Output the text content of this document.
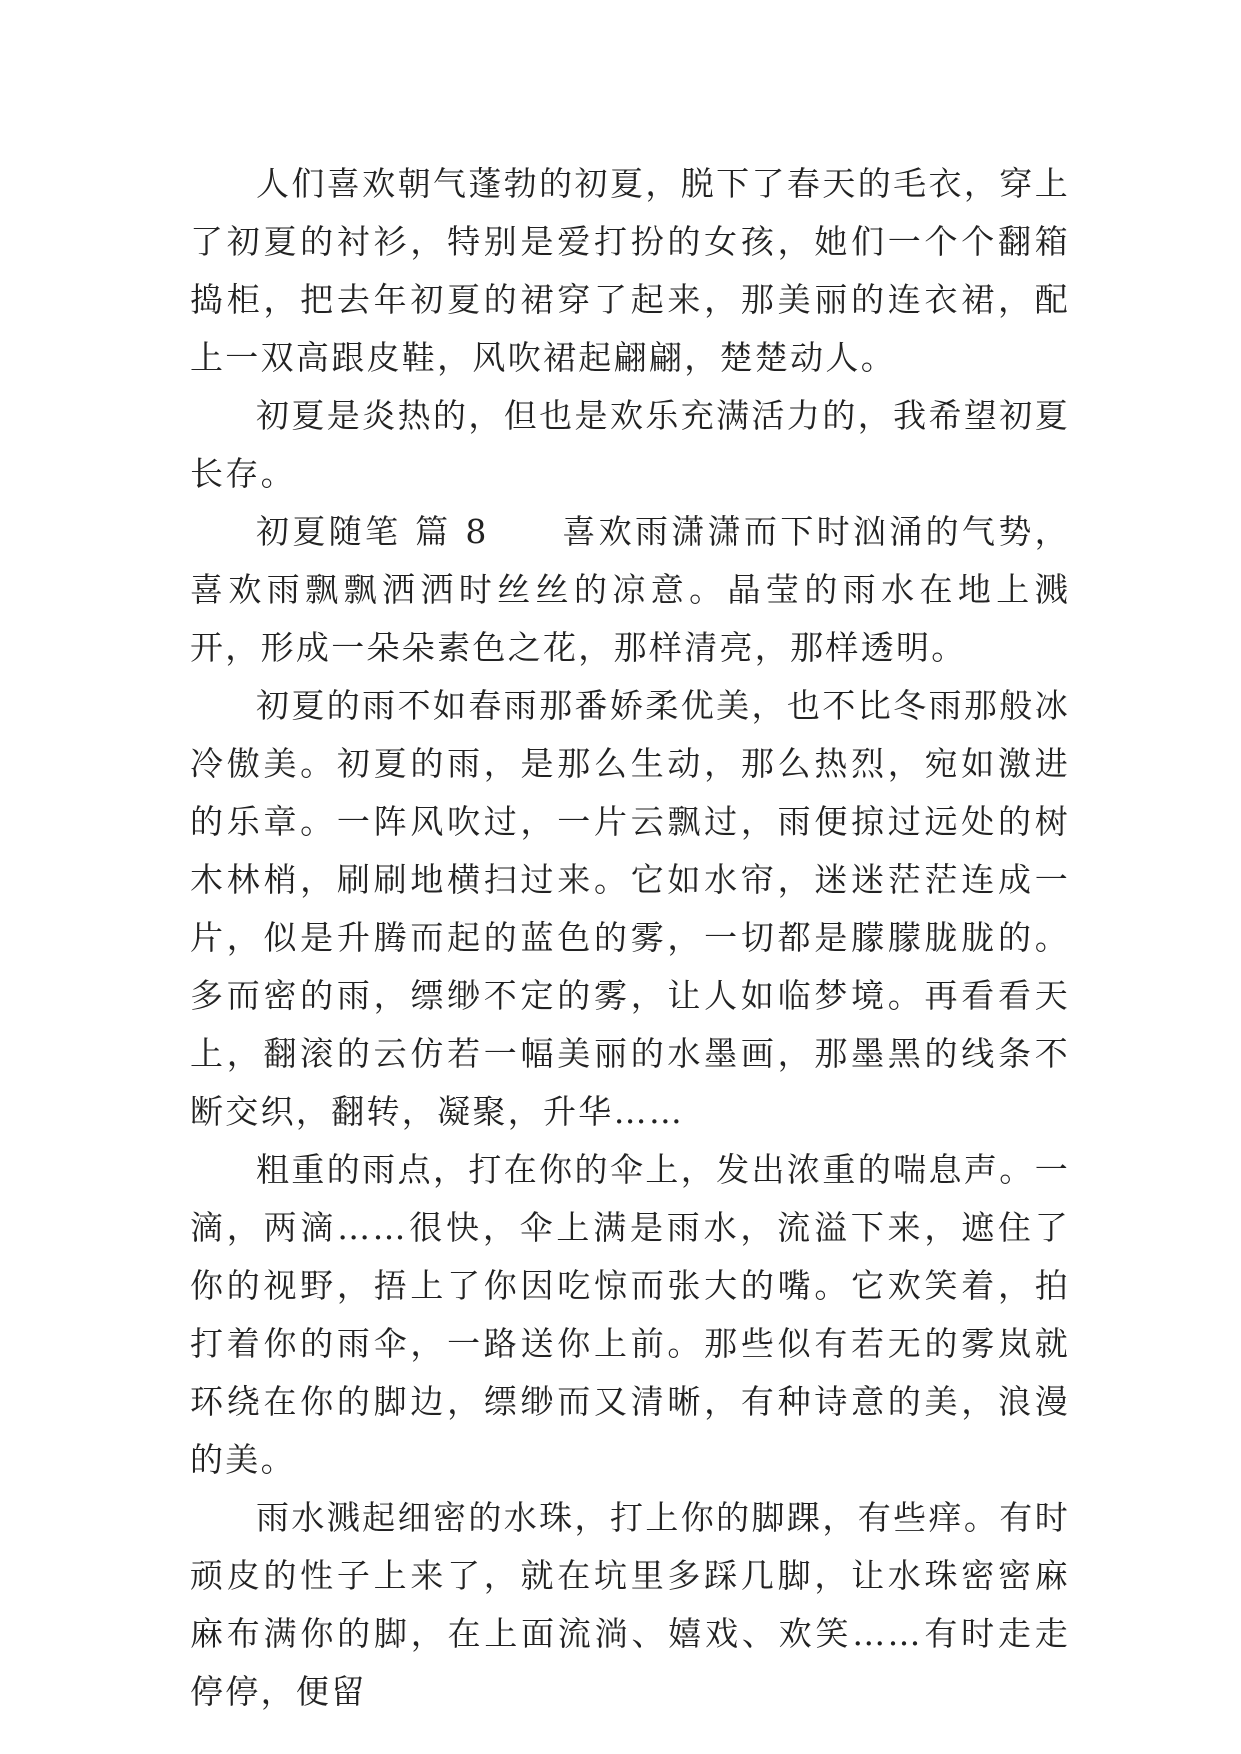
人们喜欢朝气蓬勃的初夏，脱下了春天的毛衣，穿上了初夏的衬衫，特别是爱打扮的女孩，她们一个个翻箱捣柜，把去年初夏的裙穿了起来，那美丽的连衣裙，配上一双高跟皮鞋，风吹裙起翩翩，楚楚动人。

初夏是炎热的，但也是欢乐充满活力的，我希望初夏长存。

初夏随笔 篇 8　　喜欢雨潇潇而下时汹涌的气势，喜欢雨飘飘洒洒时丝丝的凉意。晶莹的雨水在地上溅开，形成一朵朵素色之花，那样清亮，那样透明。

初夏的雨不如春雨那番娇柔优美，也不比冬雨那般冰冷傲美。初夏的雨，是那么生动，那么热烈，宛如激进的乐章。一阵风吹过，一片云飘过，雨便掠过远处的树木林梢，刷刷地横扫过来。它如水帘，迷迷茫茫连成一片，似是升腾而起的蓝色的雾，一切都是朦朦胧胧的。多而密的雨，缥缈不定的雾，让人如临梦境。再看看天上，翻滚的云仿若一幅美丽的水墨画，那墨黑的线条不断交织，翻转，凝聚，升华……

粗重的雨点，打在你的伞上，发出浓重的喘息声。一滴，两滴……很快，伞上满是雨水，流溢下来，遮住了你的视野，捂上了你因吃惊而张大的嘴。它欢笑着，拍打着你的雨伞，一路送你上前。那些似有若无的雾岚就环绕在你的脚边，缥缈而又清晰，有种诗意的美，浪漫的美。

雨水溅起细密的水珠，打上你的脚踝，有些痒。有时顽皮的性子上来了，就在坑里多踩几脚，让水珠密密麻麻布满你的脚，在上面流淌、嬉戏、欢笑……有时走走停停，便留
